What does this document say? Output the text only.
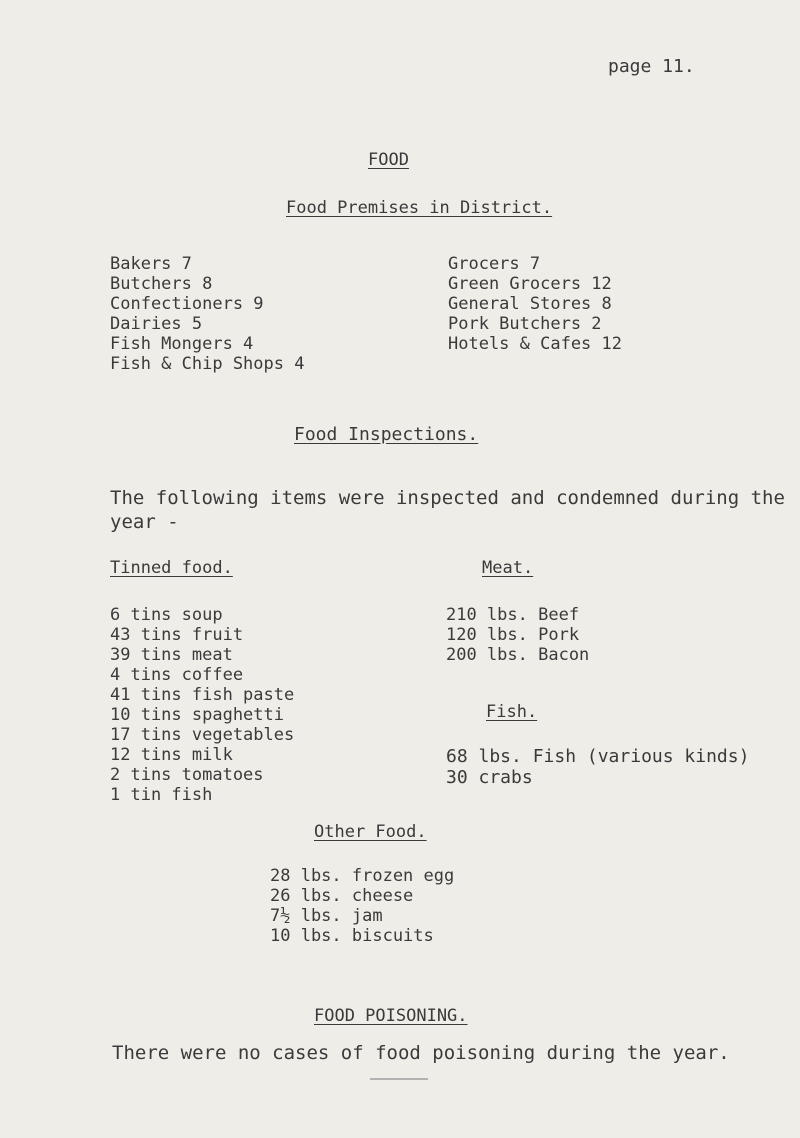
page 11.
FOOD
Food Premises in District.
Bakers 7
Butchers 8
Confectioners 9
Dairies 5
Fish Mongers 4
Fish & Chip Shops 4
Grocers 7
Green Grocers 12
General Stores 8
Pork Butchers 2
Hotels & Cafes 12
Food Inspections.
The following items were inspected and condemned during the
year -
Tinned food.
6 tins soup
43 tins fruit
39 tins meat
4 tins coffee
41 tins fish paste
10 tins spaghetti
17 tins vegetables
12 tins milk
2 tins tomatoes
1 tin fish
Meat.
210 lbs. Beef
120 lbs. Pork
200 lbs. Bacon
Fish.
68 lbs. Fish (various kinds)
30 crabs
Other Food.
28 lbs. frozen egg
26 lbs. cheese
7½ lbs. jam
10 lbs. biscuits
FOOD POISONING.
There were no cases of food poisoning during the year.
